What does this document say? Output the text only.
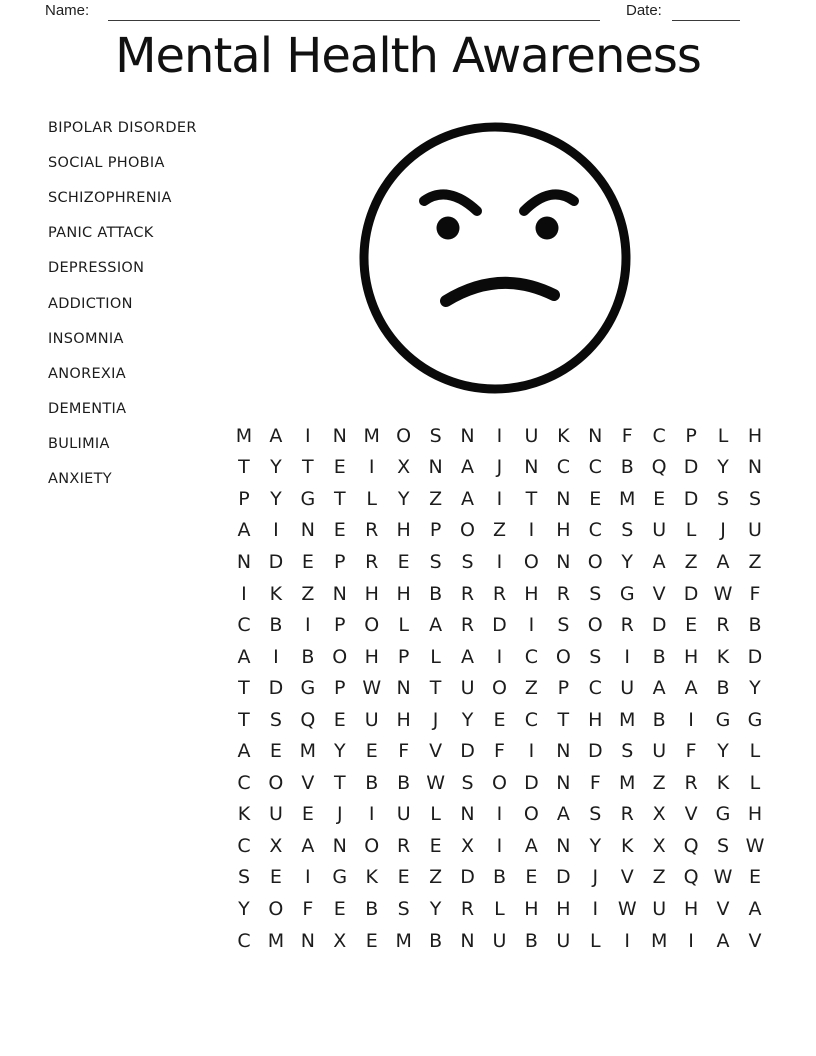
Name:	Date:
Mental Health Awareness
BIPOLAR DISORDER
SOCIAL PHOBIA
SCHIZOPHRENIA
PANIC ATTACK
DEPRESSION
ADDICTION
INSOMNIA
ANOREXIA
DEMENTIA
BULIMIA
ANXIETY
M A	I	N M O S N	I	U K N	F	C	P	L	H
T	Y	T	E	I	X N A	J	N C C B Q D Y	N
P	Y G T	L	Y	Z A	I	T	N E M E D S	S
A	I	N E	R H	P O Z	I	H C	S U	L	J	U
N D E	P	R	E	S	S	I	O N O Y	A Z A Z
I	K	Z N H H B R R H R	S G V D W F
C B	I	P O	L	A R D	I	S O R D E	R B
A	I	B O H	P	L	A	I	C O S	I	B H K D
T D G P W N	T	U O Z	P	C U A A B	Y
T	S Q E U H	J	Y	E	C	T H M B	I	G G
A	E M Y	E	F	V D	F	I	N D S U	F	Y	L
C O V	T	B B W S O D N	F M Z R	K	L
K U E	J	I	U	L	N	I	O A	S	R X V G H
C X A N O R	E	X	I	A N	Y	K	X Q S W
S	E	I	G K	E	Z D B	E D	J	V Z Q W E
Y O F	E	B	S	Y	R	L	H H	I	W U H V A
C M N X	E M B N U B U	L	I	M	I	A V
